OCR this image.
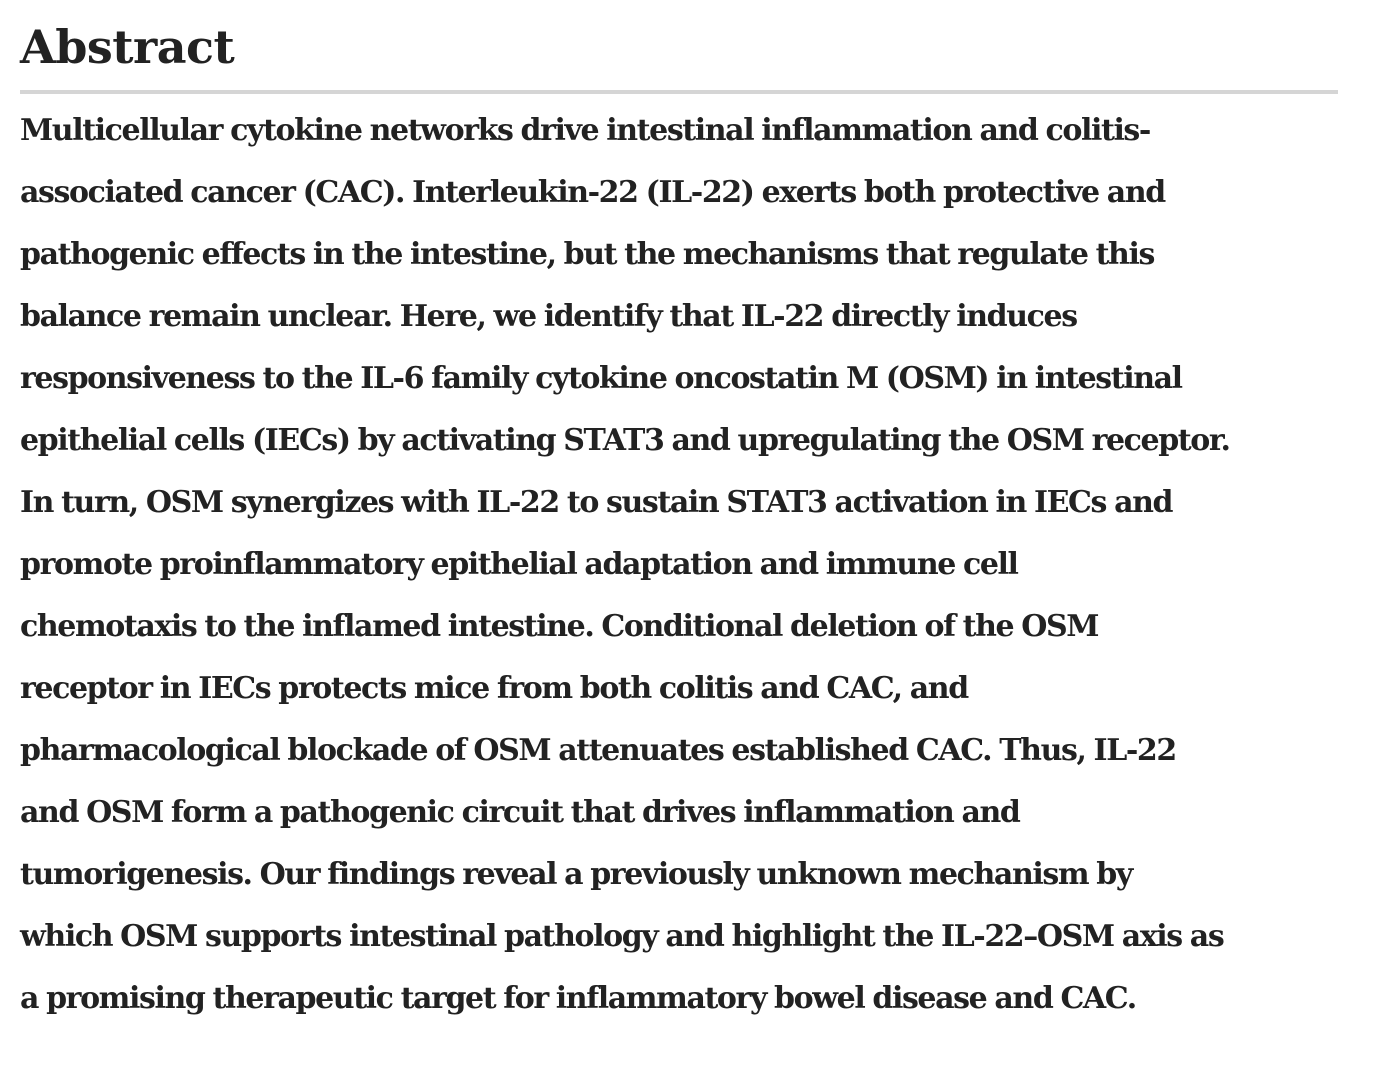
Abstract

Multicellular cytokine networks drive intestinal inflammation and colitis-
associated cancer (CAC). Interleukin-22 (IL-22) exerts both protective and
pathogenic effects in the intestine, but the mechanisms that regulate this
balance remain unclear. Here, we identify that IL-22 directly induces
responsiveness to the IL-6 family cytokine oncostatin M (OSM) in intestinal
epithelial cells (IECs) by activating STAT3 and upregulating the OSM receptor.
In turn, OSM synergizes with IL-22 to sustain STAT3 activation in IECs and
promote proinflammatory epithelial adaptation and immune cell
chemotaxis to the inflamed intestine. Conditional deletion of the OSM
receptor in IECs protects mice from both colitis and CAC, and
pharmacological blockade of OSM attenuates established CAC. Thus, IL-22
and OSM form a pathogenic circuit that drives inflammation and
tumorigenesis. Our findings reveal a previously unknown mechanism by
which OSM supports intestinal pathology and highlight the IL-22–OSM axis as
a promising therapeutic target for inflammatory bowel disease and CAC.
